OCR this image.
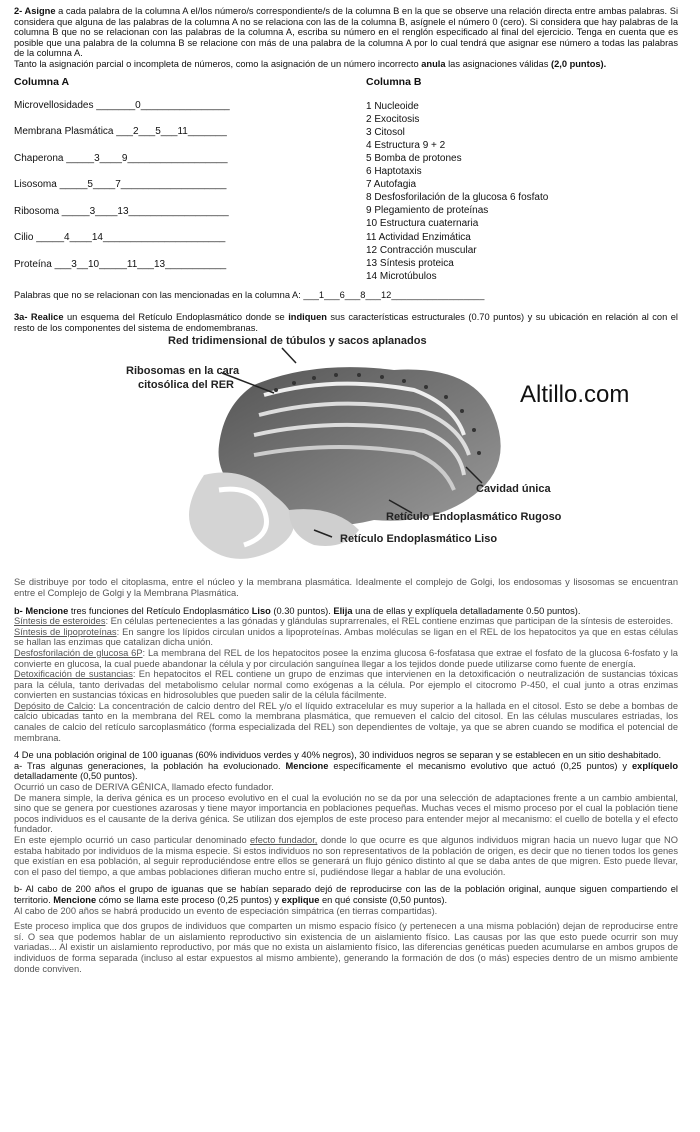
2- Asigne a cada palabra de la columna A el/los número/s correspondiente/s de la columna B en la que se observe una relación directa entre ambas palabras. Si considera que alguna de las palabras de la columna A no se relaciona con las de la columna B, asígnele el número 0 (cero). Si considera que hay palabras de la columna B que no se relacionan con las palabras de la columna A, escriba su número en el renglón especificado al final del ejercicio. Tenga en cuenta que es posible que una palabra de la columna B se relacione con más de una palabra de la columna A por lo cual tendrá que asignar ese número a todas las palabras de la columna A.

Tanto la asignación parcial o incompleta de números, como la asignación de un número incorrecto anula las asignaciones válidas (2,0 puntos).

Columna A
Microvellosidades _______0________________
Membrana Plasmática ___2___5___11_______
Chaperona _____3____9__________________
Lisosoma _____5____7___________________
Ribosoma _____3____13__________________
Cilio _____4____14______________________
Proteína ___3__10_____11___13___________
Columna B
1 Nucleoide
2 Exocitosis
3 Citosol
4 Estructura 9 + 2
5 Bomba de protones
6 Haptotaxis
7 Autofagia
8 Desfosforilación de la glucosa 6 fosfato
9 Plegamiento de proteínas
10 Estructura cuaternaria
11 Actividad Enzimática
12 Contracción muscular
13 Síntesis proteica
14 Microtúbulos

Palabras que no se relacionan con las mencionadas en la columna A: ___1___6___8___12__________________

3a- Realice un esquema del Retículo Endoplasmático donde se indiquen sus características estructurales (0.70 puntos) y su ubicación en relación al con el resto de los componentes del sistema de endomembranas.

Red tridimensional de túbulos y sacos aplanados
Ribosomas en la cara
citosólica del RER
Cavidad única
Retículo Endoplasmático Rugoso
Retículo Endoplasmático Liso
Altillo.com

Se distribuye por todo el citoplasma, entre el núcleo y la membrana plasmática. Idealmente el complejo de Golgi, los endosomas y lisosomas se encuentran entre el Complejo de Golgi y la Membrana Plasmática.

b- Mencione tres funciones del Retículo Endoplasmático Liso (0.30 puntos). Elija una de ellas y explíquela detalladamente 0.50 puntos).

Síntesis de esteroides: En células pertenecientes a las gónadas y glándulas suprarrenales, el REL contiene enzimas que participan de la síntesis de esteroides.

Síntesis de lipoproteínas: En sangre los lípidos circulan unidos a lipoproteínas. Ambas moléculas se ligan en el REL de los hepatocitos ya que en estas células se hallan las enzimas que catalizan dicha unión.

Desfosforilación de glucosa 6P: La membrana del REL de los hepatocitos posee la enzima glucosa 6-fosfatasa que extrae el fosfato de la glucosa 6-fosfato y la convierte en glucosa, la cual puede abandonar la célula y por circulación sanguínea llegar a los tejidos donde puede utilizarse como fuente de energía.

Detoxificación de sustancias: En hepatocitos el REL contiene un grupo de enzimas que intervienen en la detoxificación o neutralización de sustancias tóxicas para la célula, tanto derivadas del metabolismo celular normal como exógenas a la célula. Por ejemplo el citocromo P-450, el cual junto a otras enzimas convierten en sustancias tóxicas en hidrosolubles que pueden salir de la célula fácilmente.

Depósito de Calcio: La concentración de calcio dentro del REL y/o el líquido extracelular es muy superior a la hallada en el citosol. Esto se debe a bombas de calcio ubicadas tanto en la membrana del REL como la membrana plasmática, que remueven el calcio del citosol. En las células musculares estriadas, los canales de calcio del retículo sarcoplasmático (forma especializada del REL) son dependientes de voltaje, ya que se abren cuando se modifica el potencial de membrana.

4 De una población original de 100 iguanas (60% individuos verdes y 40% negros), 30 individuos negros se separan y se establecen en un sitio deshabitado.

a- Tras algunas generaciones, la población ha evolucionado. Mencione específicamente el mecanismo evolutivo que actuó (0,25 puntos) y explíquelo detalladamente (0,50 puntos).

Ocurrió un caso de DERIVA GÉNICA, llamado efecto fundador.

De manera simple, la deriva génica es un proceso evolutivo en el cual la evolución no se da por una selección de adaptaciones frente a un cambio ambiental, sino que se genera por cuestiones azarosas y tiene mayor importancia en poblaciones pequeñas. Muchas veces el mismo proceso por el cual la población tiene pocos individuos es el causante de la deriva génica. Se utilizan dos ejemplos de este proceso para entender mejor al mecanismo: el cuello de botella y el efecto fundador.

En este ejemplo ocurrió un caso particular denominado efecto fundador, donde lo que ocurre es que algunos individuos migran hacia un nuevo lugar que NO estaba habitado por individuos de la misma especie. Si estos individuos no son representativos de la población de origen, es decir que no tienen todos los genes que existían en esa población, al seguir reproduciéndose entre ellos se generará un flujo génico distinto al que se daba antes de que migren. Esto puede llevar, con el paso del tiempo, a que ambas poblaciones difieran mucho entre sí, pudiéndose llegar a hablar de una evolución.

b- Al cabo de 200 años el grupo de iguanas que se habían separado dejó de reproducirse con las de la población original, aunque siguen compartiendo el territorio. Mencione cómo se llama este proceso (0,25 puntos) y explique en qué consiste (0,50 puntos).

Al cabo de 200 años se habrá producido un evento de especiación simpátrica (en tierras compartidas).

Este proceso implica que dos grupos de individuos que comparten un mismo espacio físico (y pertenecen a una misma población) dejan de reproducirse entre sí. O sea que podemos hablar de un aislamiento reproductivo sin existencia de un aislamiento físico. Las causas por las que esto puede ocurrir son muy variadas... Al existir un aislamiento reproductivo, por más que no exista un aislamiento físico, las diferencias genéticas pueden acumularse en ambos grupos de individuos de forma separada (incluso al estar expuestos al mismo ambiente), generando la formación de dos (o más) especies dentro de un mismo ambiente donde conviven.
